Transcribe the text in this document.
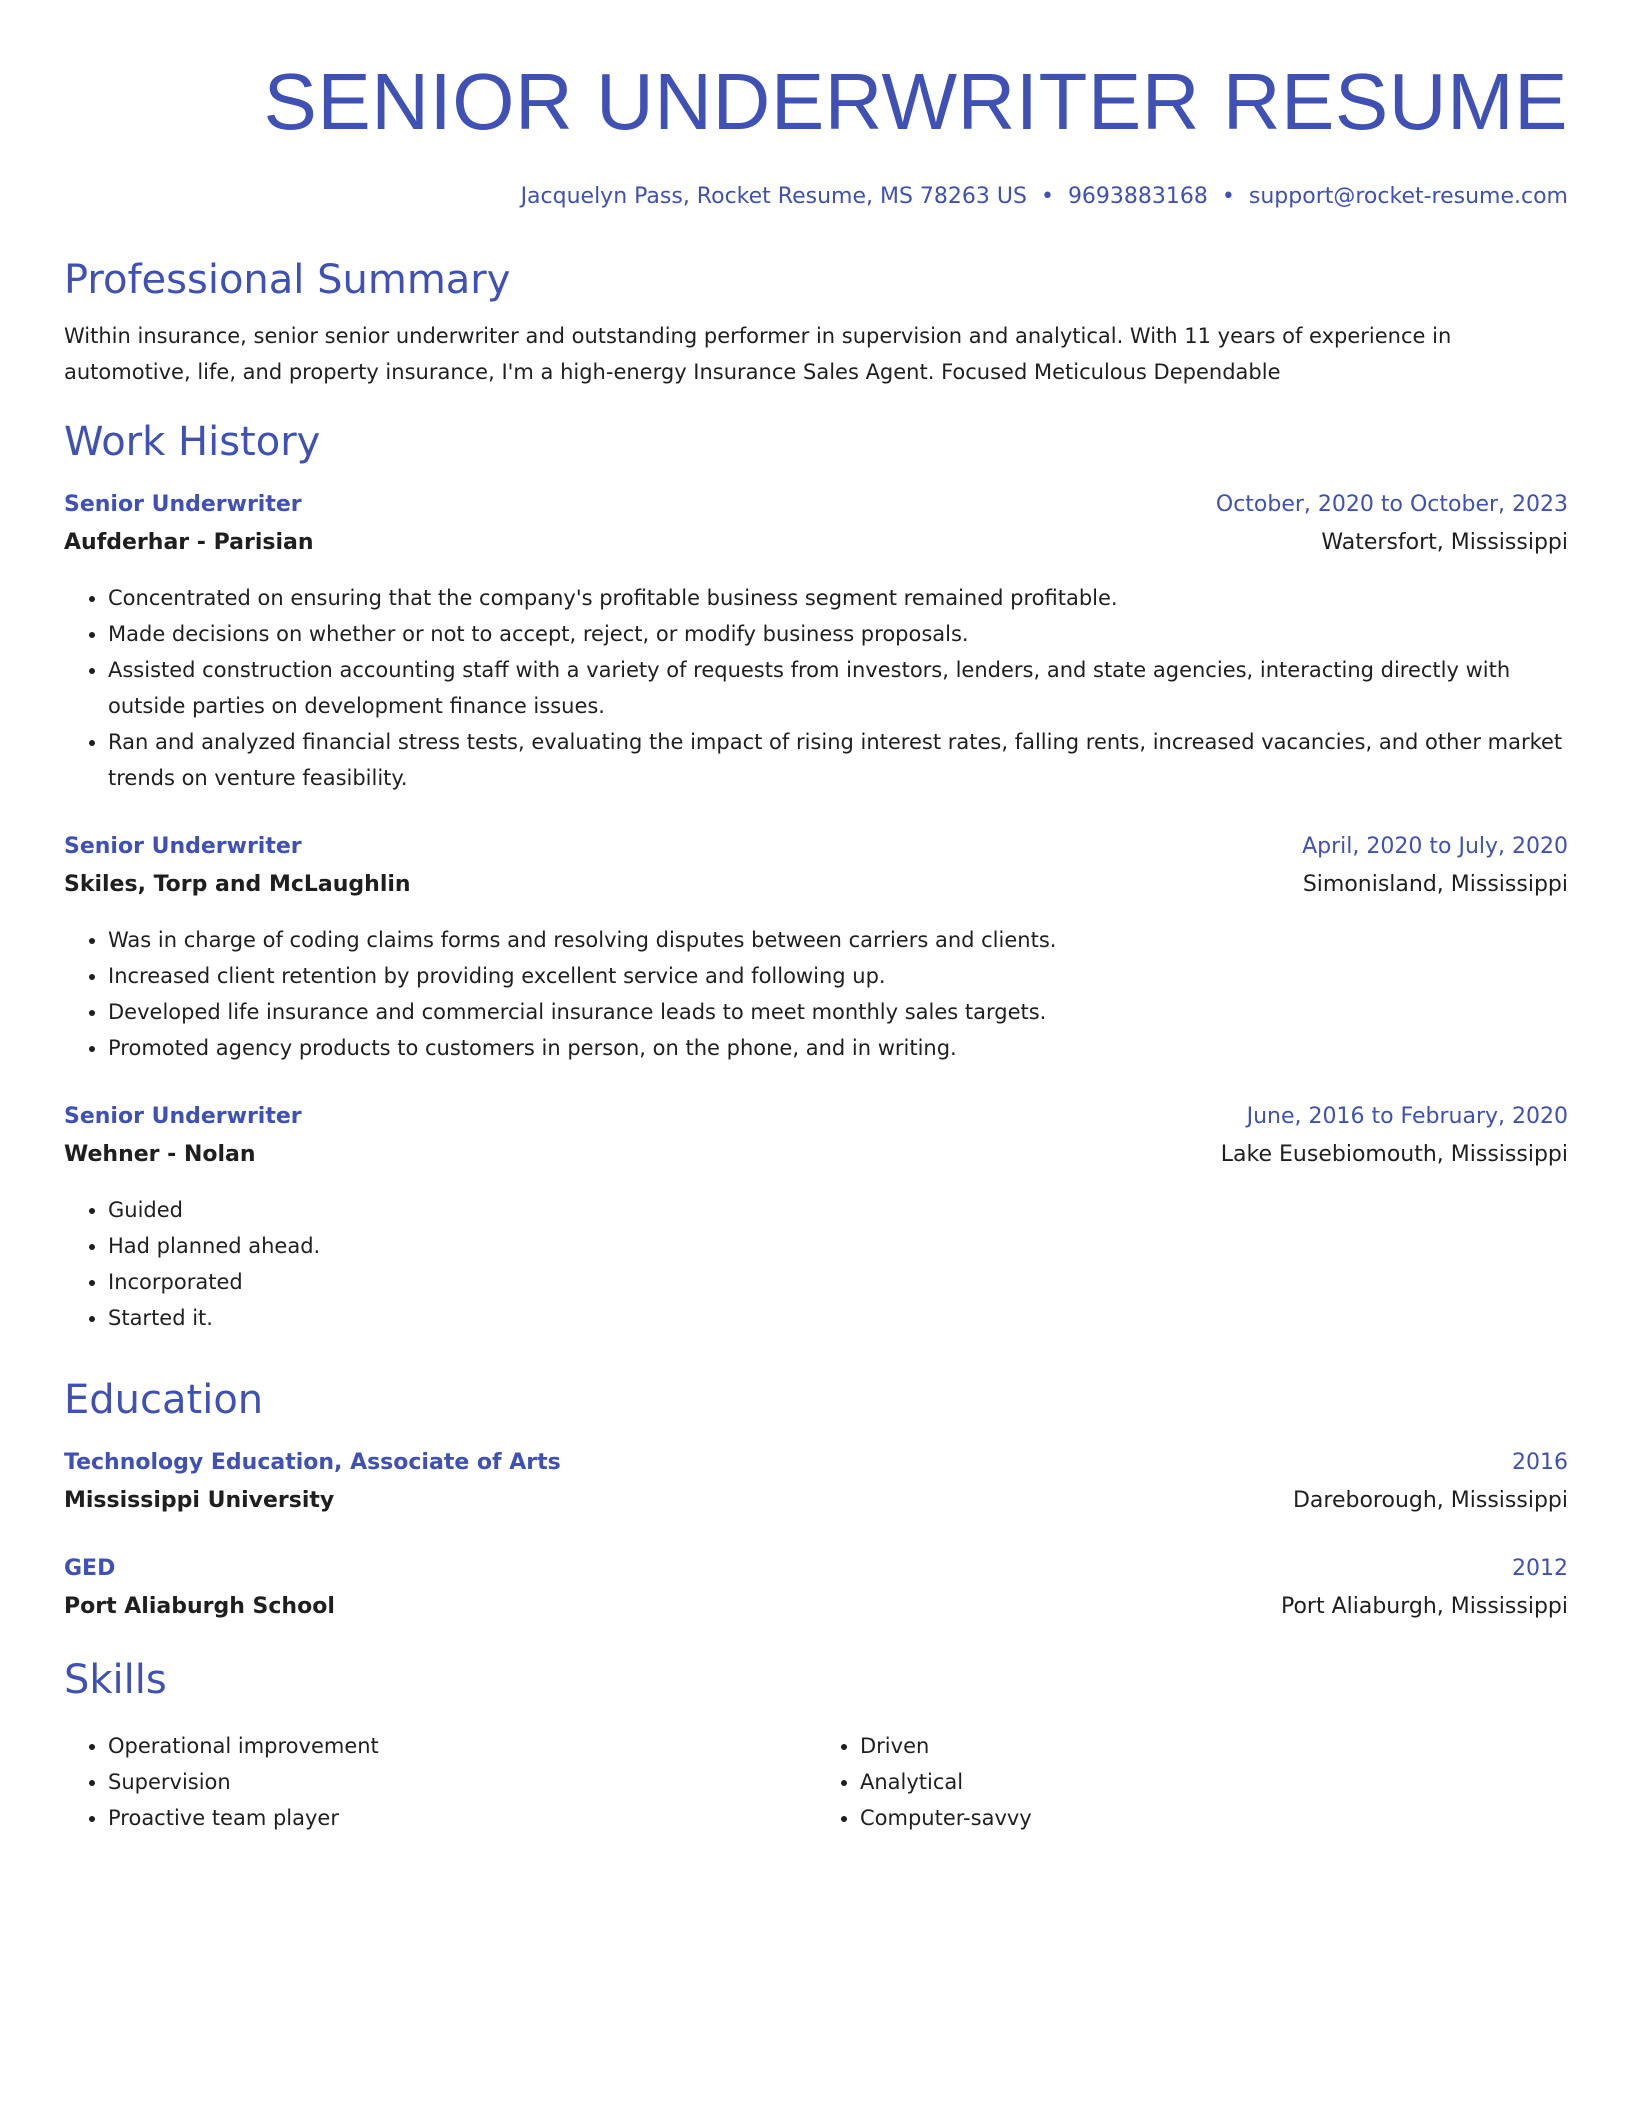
SENIOR UNDERWRITER RESUME
Jacquelyn Pass, Rocket Resume, MS 78263 US • 9693883168 • support@rocket-resume.com
Professional Summary
Within insurance, senior senior underwriter and outstanding performer in supervision and analytical. With 11 years of experience in automotive, life, and property insurance, I'm a high-energy Insurance Sales Agent. Focused Meticulous Dependable
Work History
Senior Underwriter	October, 2020 to October, 2023
Aufderhar - Parisian	Watersfort, Mississippi
• Concentrated on ensuring that the company's profitable business segment remained profitable.
• Made decisions on whether or not to accept, reject, or modify business proposals.
• Assisted construction accounting staff with a variety of requests from investors, lenders, and state agencies, interacting directly with outside parties on development finance issues.
• Ran and analyzed financial stress tests, evaluating the impact of rising interest rates, falling rents, increased vacancies, and other market trends on venture feasibility.
Senior Underwriter	April, 2020 to July, 2020
Skiles, Torp and McLaughlin	Simonisland, Mississippi
• Was in charge of coding claims forms and resolving disputes between carriers and clients.
• Increased client retention by providing excellent service and following up.
• Developed life insurance and commercial insurance leads to meet monthly sales targets.
• Promoted agency products to customers in person, on the phone, and in writing.
Senior Underwriter	June, 2016 to February, 2020
Wehner - Nolan	Lake Eusebiomouth, Mississippi
• Guided
• Had planned ahead.
• Incorporated
• Started it.
Education
Technology Education, Associate of Arts	2016
Mississippi University	Dareborough, Mississippi
GED	2012
Port Aliaburgh School	Port Aliaburgh, Mississippi
Skills
• Operational improvement
• Supervision
• Proactive team player
• Driven
• Analytical
• Computer-savvy
